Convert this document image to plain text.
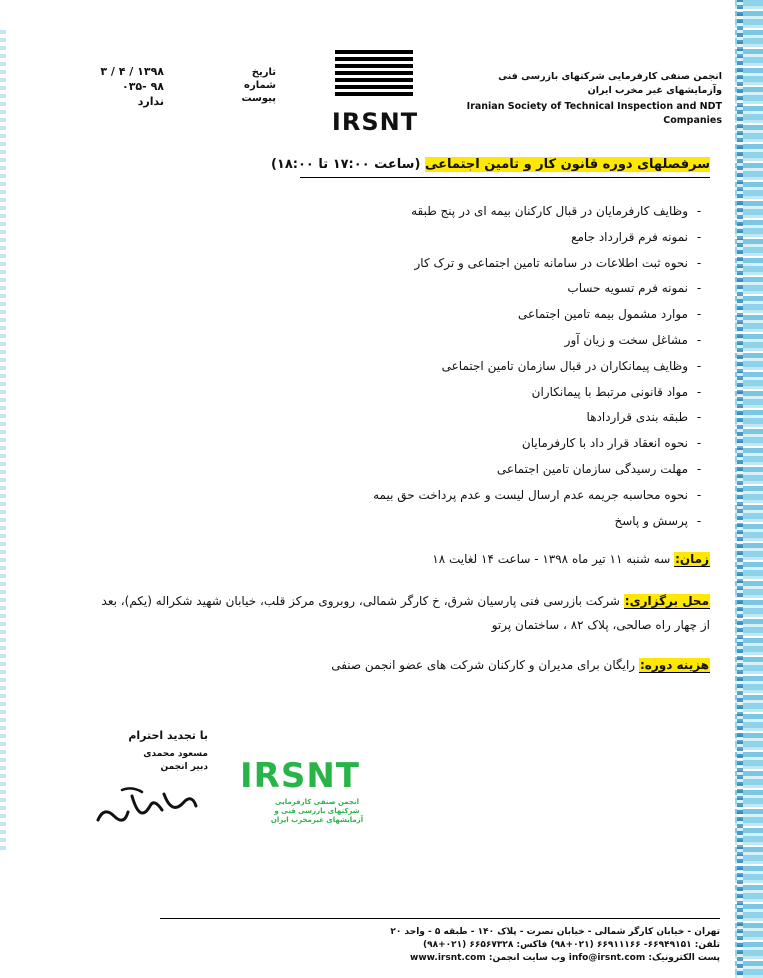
۱۳۹۸ / ۴ / ۳
۹۸ -۰۳۵
ندارد
تاریخ
شماره
پیوست
IRSNT
انجمن صنفی کارفرمایی شرکتهای بازرسی فنی وآزمایشهای غیر مخرب ایران
Iranian Society of Technical Inspection and NDT Companies
سرفصلهای دوره قانون کار و تامین اجتماعی (ساعت ۱۷:۰۰ تا ۱۸:۰۰)
-وظایف کارفرمایان در قبال کارکنان بیمه ای در پنج طبقه
-نمونه فرم قرارداد جامع
-نحوه ثبت اطلاعات در سامانه تامین اجتماعی و ترک کار
-نمونه فرم تسویه حساب
-موارد مشمول بیمه تامین اجتماعی
-مشاغل سخت و زیان آور
-وظایف پیمانکاران در قبال سازمان تامین اجتماعی
-مواد قانونی مرتبط با پیمانکاران
-طبقه بندی قراردادها
-نحوه انعقاد قرار داد با کارفرمایان
-مهلت رسیدگی سازمان تامین اجتماعی
-نحوه محاسبه جریمه عدم ارسال لیست و عدم پرداخت حق بیمه
-پرسش و پاسخ
زمان: سه شنبه ۱۱ تیر ماه ۱۳۹۸ - ساعت ۱۴ لغایت ۱۸
محل برگزاری: شرکت بازرسی فنی پارسیان شرق، خ کارگر شمالی، روبروی مرکز قلب، خیابان شهید شکراله (یکم)، بعد
از چهار راه صالحی، پلاک ۸۲ ، ساختمان پرتو
هزینه دوره: رایگان برای مدیران و کارکنان شرکت های عضو انجمن صنفی
با تجدید احترام
مسعود محمدی
دبیر انجمن IRSNT
انجمن صنفی کارفرمایی شرکتهای بازرسی فنی و آزمایشهای غیرمخرب ایران
تهران - خیابان کارگر شمالی - خیابان نصرت - پلاک ۱۴۰ - طبقه ۵ - واحد ۲۰
تلفن: ۶۶۹۴۹۱۵۱- ۶۶۹۱۱۱۶۶ (۰۲۱+۹۸) فاکس: ۶۶۵۶۷۳۲۸ (۰۲۱+۹۸)
پست الکترونیک: info@irsnt.com وب سایت انجمن: www.irsnt.com
